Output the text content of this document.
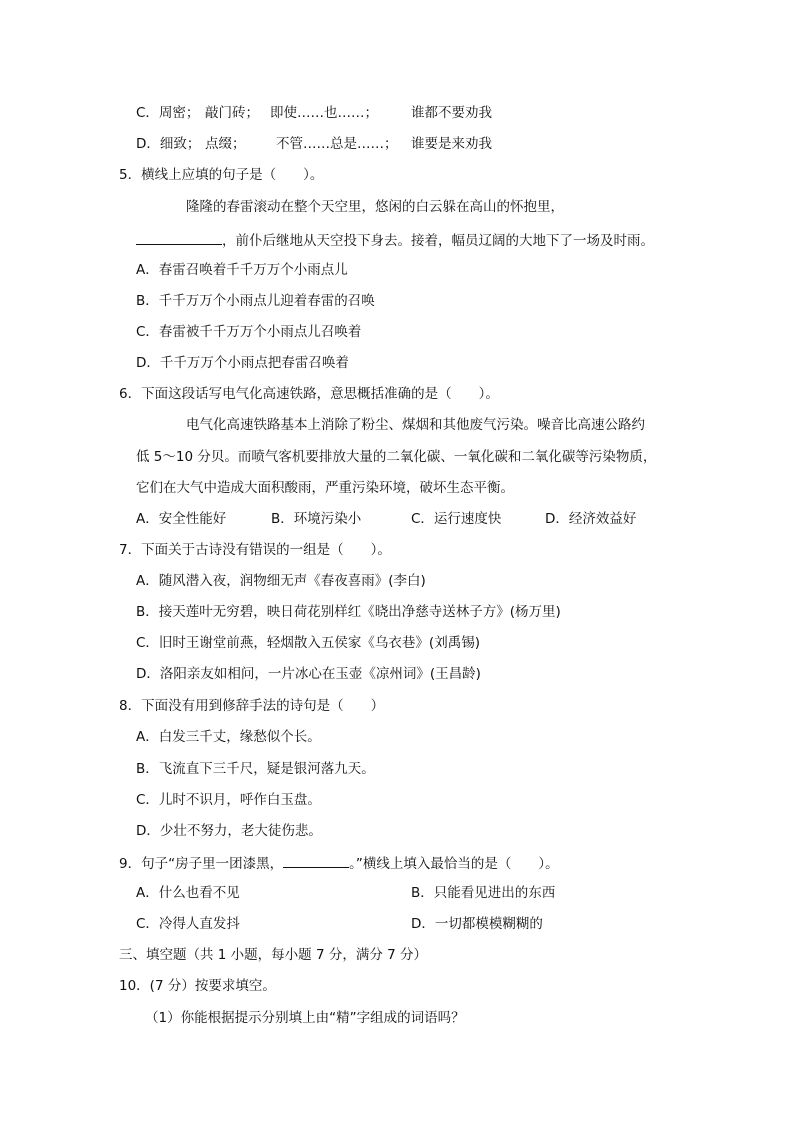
C．周密； 敲门砖； 即使……也……； 谁都不要劝我
D．细致； 点缀； 不管……总是……； 谁要是来劝我
5．横线上应填的句子是（　　）。
隆隆的春雷滚动在整个天空里，悠闲的白云躲在高山的怀抱里，
，前仆后继地从天空投下身去。接着，幅员辽阔的大地下了一场及时雨。
A．春雷召唤着千千万万个小雨点儿
B．千千万万个小雨点儿迎着春雷的召唤
C．春雷被千千万万个小雨点儿召唤着
D．千千万万个小雨点把春雷召唤着
6．下面这段话写电气化高速铁路，意思概括准确的是（　　）。
电气化高速铁路基本上消除了粉尘、煤烟和其他废气污染。噪音比高速公路约
低 5～10 分贝。而喷气客机要排放大量的二氧化碳、一氧化碳和二氧化碳等污染物质，
它们在大气中造成大面积酸雨，严重污染环境，破坏生态平衡。
A．安全性能好	B．环境污染小	C．运行速度快	D．经济效益好
7．下面关于古诗没有错误的一组是（　　）。
A．随风潜入夜，润物细无声《春夜喜雨》(李白)
B．接天莲叶无穷碧，映日荷花别样红《晓出净慈寺送林子方》(杨万里)
C．旧时王谢堂前燕，轻烟散入五侯家《乌衣巷》(刘禹锡)
D．洛阳亲友如相问，一片冰心在玉壶《凉州词》(王昌龄)
8．下面没有用到修辞手法的诗句是（　　）
A．白发三千丈，缘愁似个长。
B．飞流直下三千尺，疑是银河落九天。
C．儿时不识月，呼作白玉盘。
D．少壮不努力，老大徒伤悲。
9．句子“房子里一团漆黑，	。”横线上填入最恰当的是（　　）。
A．什么也看不见	B．只能看见进出的东西
C．冷得人直发抖	D．一切都模模糊糊的
三、填空题（共 1 小题，每小题 7 分，满分 7 分）
10．(7 分）按要求填空。
（1）你能根据提示分别填上由“精”字组成的词语吗？
